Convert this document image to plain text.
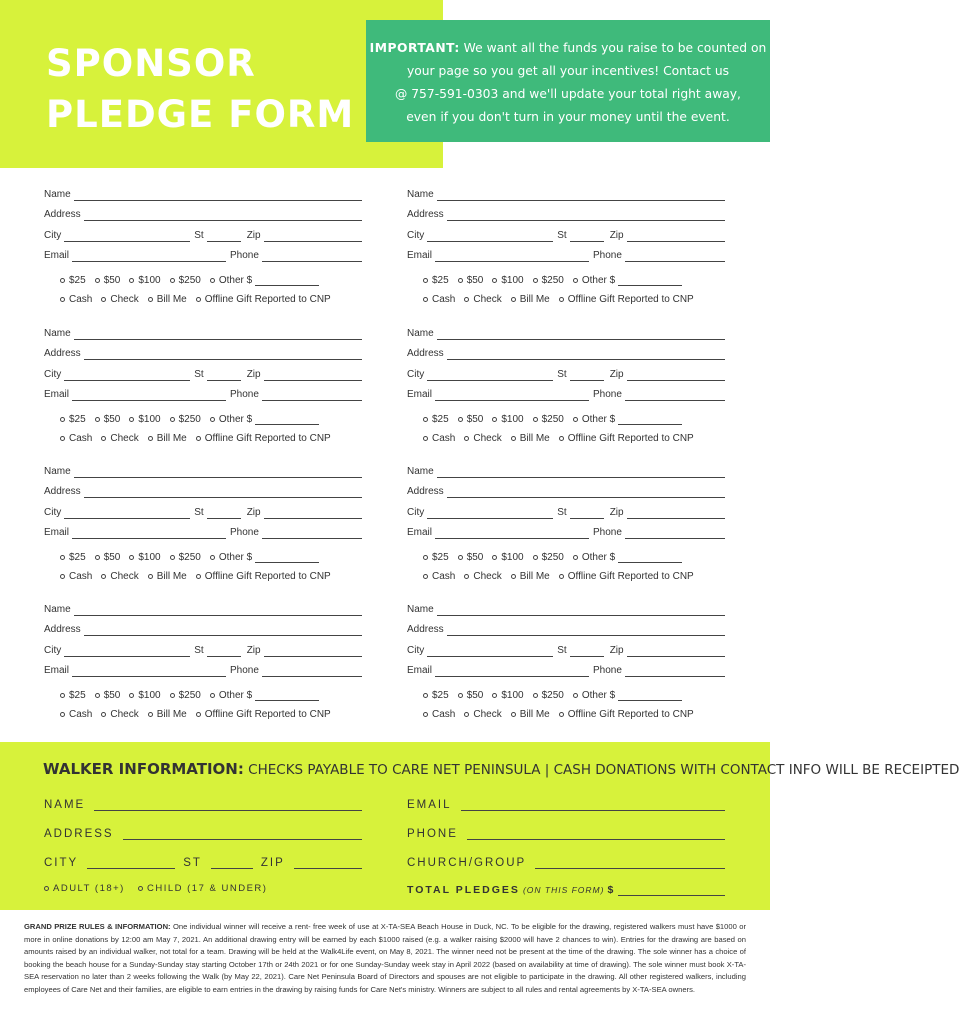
SPONSOR
PLEDGE FORM
IMPORTANT: We want all the funds you raise to be counted on
your page so you get all your incentives! Contact us
@ 757-591-0303 and we'll update your total right away,
even if you don't turn in your money until the event.
Name
Address
City	St	Zip
Email	Phone
$25 $50 $100 $250 Other $
Cash Check Bill Me Offline Gift Reported to CNP
Name
Address
City	St	Zip
Email	Phone
$25 $50 $100 $250 Other $
Cash Check Bill Me Offline Gift Reported to CNP
Name
Address
City	St	Zip
Email	Phone
$25 $50 $100 $250 Other $
Cash Check Bill Me Offline Gift Reported to CNP
Name
Address
City	St	Zip
Email	Phone
$25 $50 $100 $250 Other $
Cash Check Bill Me Offline Gift Reported to CNP
Name
Address
City	St	Zip
Email	Phone
$25 $50 $100 $250 Other $
Cash Check Bill Me Offline Gift Reported to CNP
Name
Address
City	St	Zip
Email	Phone
$25 $50 $100 $250 Other $
Cash Check Bill Me Offline Gift Reported to CNP
Name
Address
City	St	Zip
Email	Phone
$25 $50 $100 $250 Other $
Cash Check Bill Me Offline Gift Reported to CNP
Name
Address
City	St	Zip
Email	Phone
$25 $50 $100 $250 Other $
Cash Check Bill Me Offline Gift Reported to CNP
WALKER INFORMATION: CHECKS PAYABLE TO CARE NET PENINSULA | CASH DONATIONS WITH CONTACT INFO WILL BE RECEIPTED
NAME
ADDRESS
CITY	ST	ZIP
EMAIL
PHONE
CHURCH/GROUP
ADULT (18+) CHILD (17 & UNDER)	TOTAL PLEDGES (ON THIS FORM) $
GRAND PRIZE RULES & INFORMATION: One individual winner will receive a rent- free week of use at X-TA-SEA Beach House in Duck, NC. To be eligible for the drawing, registered walkers must have $1000 or more in online donations by 12:00 am May 7, 2021. An additional drawing entry will be earned by each $1000 raised (e.g. a walker raising $2000 will have 2 chances to win). Entries for the drawing are based on amounts raised by an individual walker, not total for a team. Drawing will be held at the Walk4Life event, on May 8, 2021. The winner need not be present at the time of the drawing. The sole winner has a choice of booking the beach house for a Sunday-Sunday stay starting October 17th or 24th 2021 or for one Sunday-Sunday week stay in April 2022 (based on availability at time of drawing). The sole winner must book X-TA-SEA reservation no later than 2 weeks following the Walk (by May 22, 2021). Care Net Peninsula Board of Directors and spouses are not eligible to participate in the drawing. All other registered walkers, including employees of Care Net and their families, are eligible to earn entries in the drawing by raising funds for Care Net's ministry. Winners are subject to all rules and rental agreements by X-TA-SEA owners.
